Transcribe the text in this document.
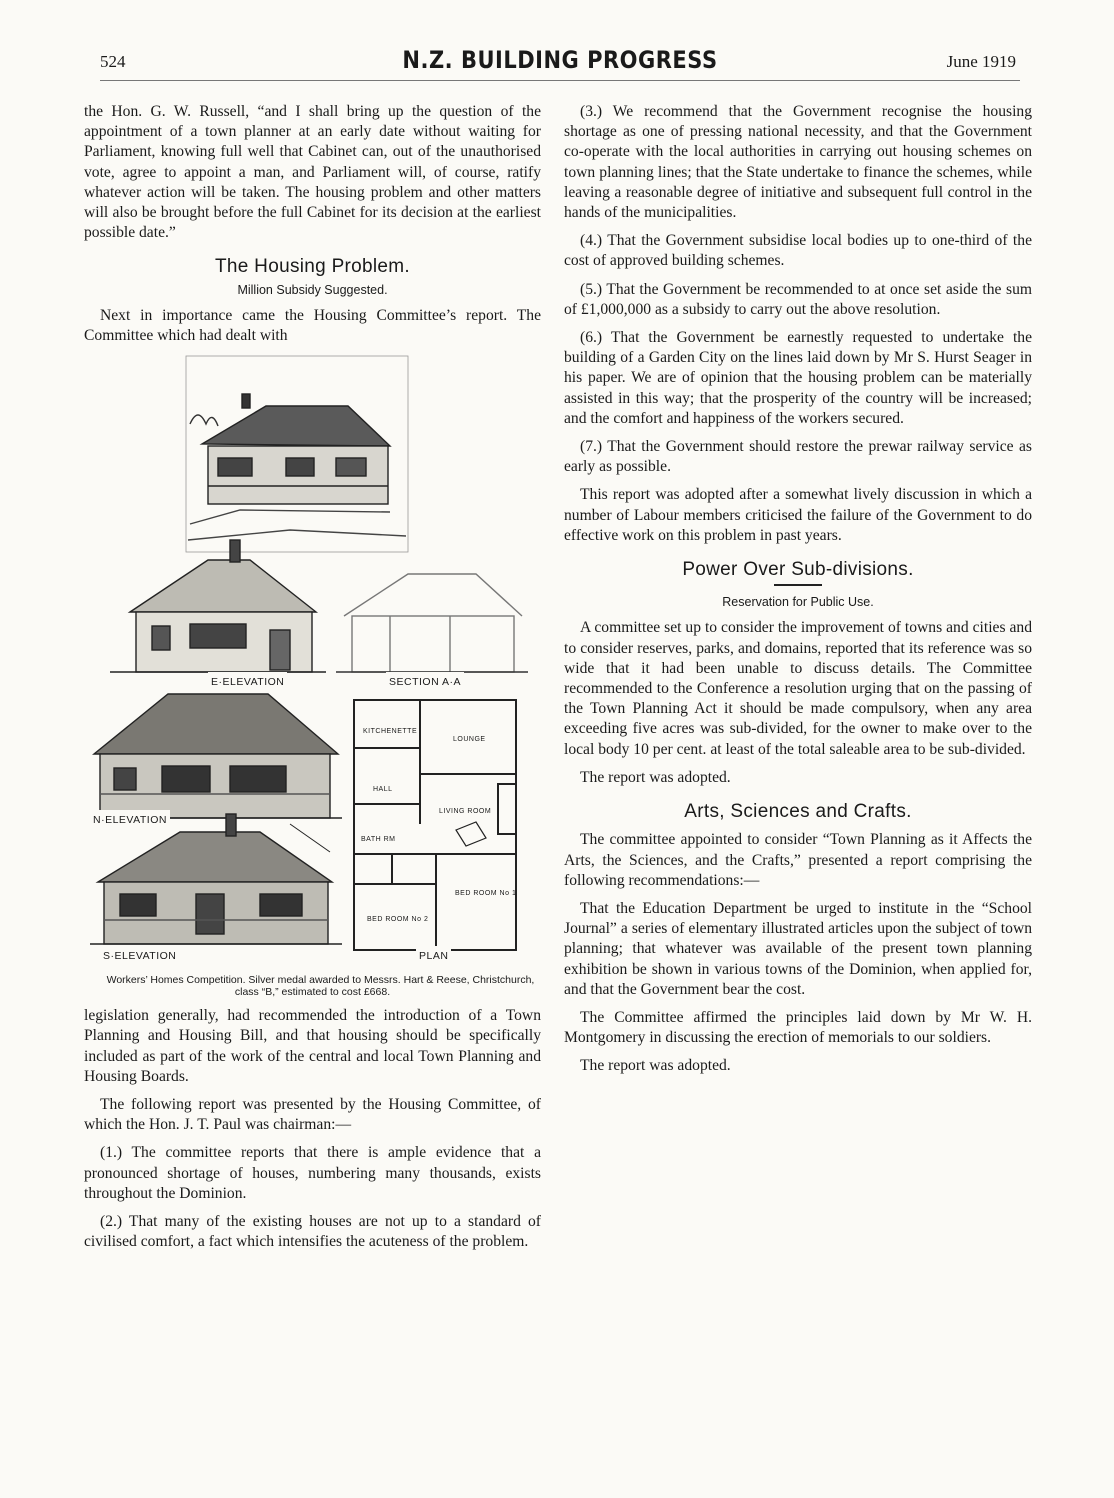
524	N.Z. BUILDING PROGRESS	June 1919

the Hon. G. W. Russell, “and I shall bring up the question of the appointment of a town planner at an early date without waiting for Parliament, knowing full well that Cabinet can, out of the unauthorised vote, agree to appoint a man, and Parliament will, of course, ratify whatever action will be taken. The housing problem and other matters will also be brought before the full Cabinet for its decision at the earliest possible date.”

The Housing Problem.
Million Subsidy Suggested.

Next in importance came the Housing Committee’s report. The Committee which had dealt with

E·ELEVATION	SECTION A·A
N·ELEVATION
S·ELEVATION	PLAN
KITCHENETTE
LOUNGE
HALL
LIVING ROOM
BATH RM
BED ROOM No 2
BED ROOM No 1

Workers’ Homes Competition. Silver medal awarded to Messrs. Hart & Reese, Christchurch, class “B,” estimated to cost £668.

legislation generally, had recommended the introduction of a Town Planning and Housing Bill, and that housing should be specifically included as part of the work of the central and local Town Planning and Housing Boards.

The following report was presented by the Housing Committee, of which the Hon. J. T. Paul was chairman:—

(1.) The committee reports that there is ample evidence that a pronounced shortage of houses, numbering many thousands, exists throughout the Dominion.

(2.) That many of the existing houses are not up to a standard of civilised comfort, a fact which intensifies the acuteness of the problem.

(3.) We recommend that the Government recognise the housing shortage as one of pressing national necessity, and that the Government co-operate with the local authorities in carrying out housing schemes on town planning lines; that the State undertake to finance the schemes, while leaving a reasonable degree of initiative and subsequent full control in the hands of the municipalities.

(4.) That the Government subsidise local bodies up to one-third of the cost of approved building schemes.

(5.) That the Government be recommended to at once set aside the sum of £1,000,000 as a subsidy to carry out the above resolution.

(6.) That the Government be earnestly requested to undertake the building of a Garden City on the lines laid down by Mr S. Hurst Seager in his paper. We are of opinion that the housing problem can be materially assisted in this way; that the prosperity of the country will be increased; and the comfort and happiness of the workers secured.

(7.) That the Government should restore the prewar railway service as early as possible.

This report was adopted after a somewhat lively discussion in which a number of Labour members criticised the failure of the Government to do effective work on this problem in past years.

Power Over Sub-divisions.
Reservation for Public Use.

A committee set up to consider the improvement of towns and cities and to consider reserves, parks, and domains, reported that its reference was so wide that it had been unable to discuss details. The Committee recommended to the Conference a resolution urging that on the passing of the Town Planning Act it should be made compulsory, when any area exceeding five acres was sub-divided, for the owner to make over to the local body 10 per cent. at least of the total saleable area to be sub-divided.

The report was adopted.

Arts, Sciences and Crafts.

The committee appointed to consider “Town Planning as it Affects the Arts, the Sciences, and the Crafts,” presented a report comprising the following recommendations:—

That the Education Department be urged to institute in the “School Journal” a series of elementary illustrated articles upon the subject of town planning; that whatever was available of the present town planning exhibition be shown in various towns of the Dominion, when applied for, and that the Government bear the cost.

The Committee affirmed the principles laid down by Mr W. H. Montgomery in discussing the erection of memorials to our soldiers.

The report was adopted.
